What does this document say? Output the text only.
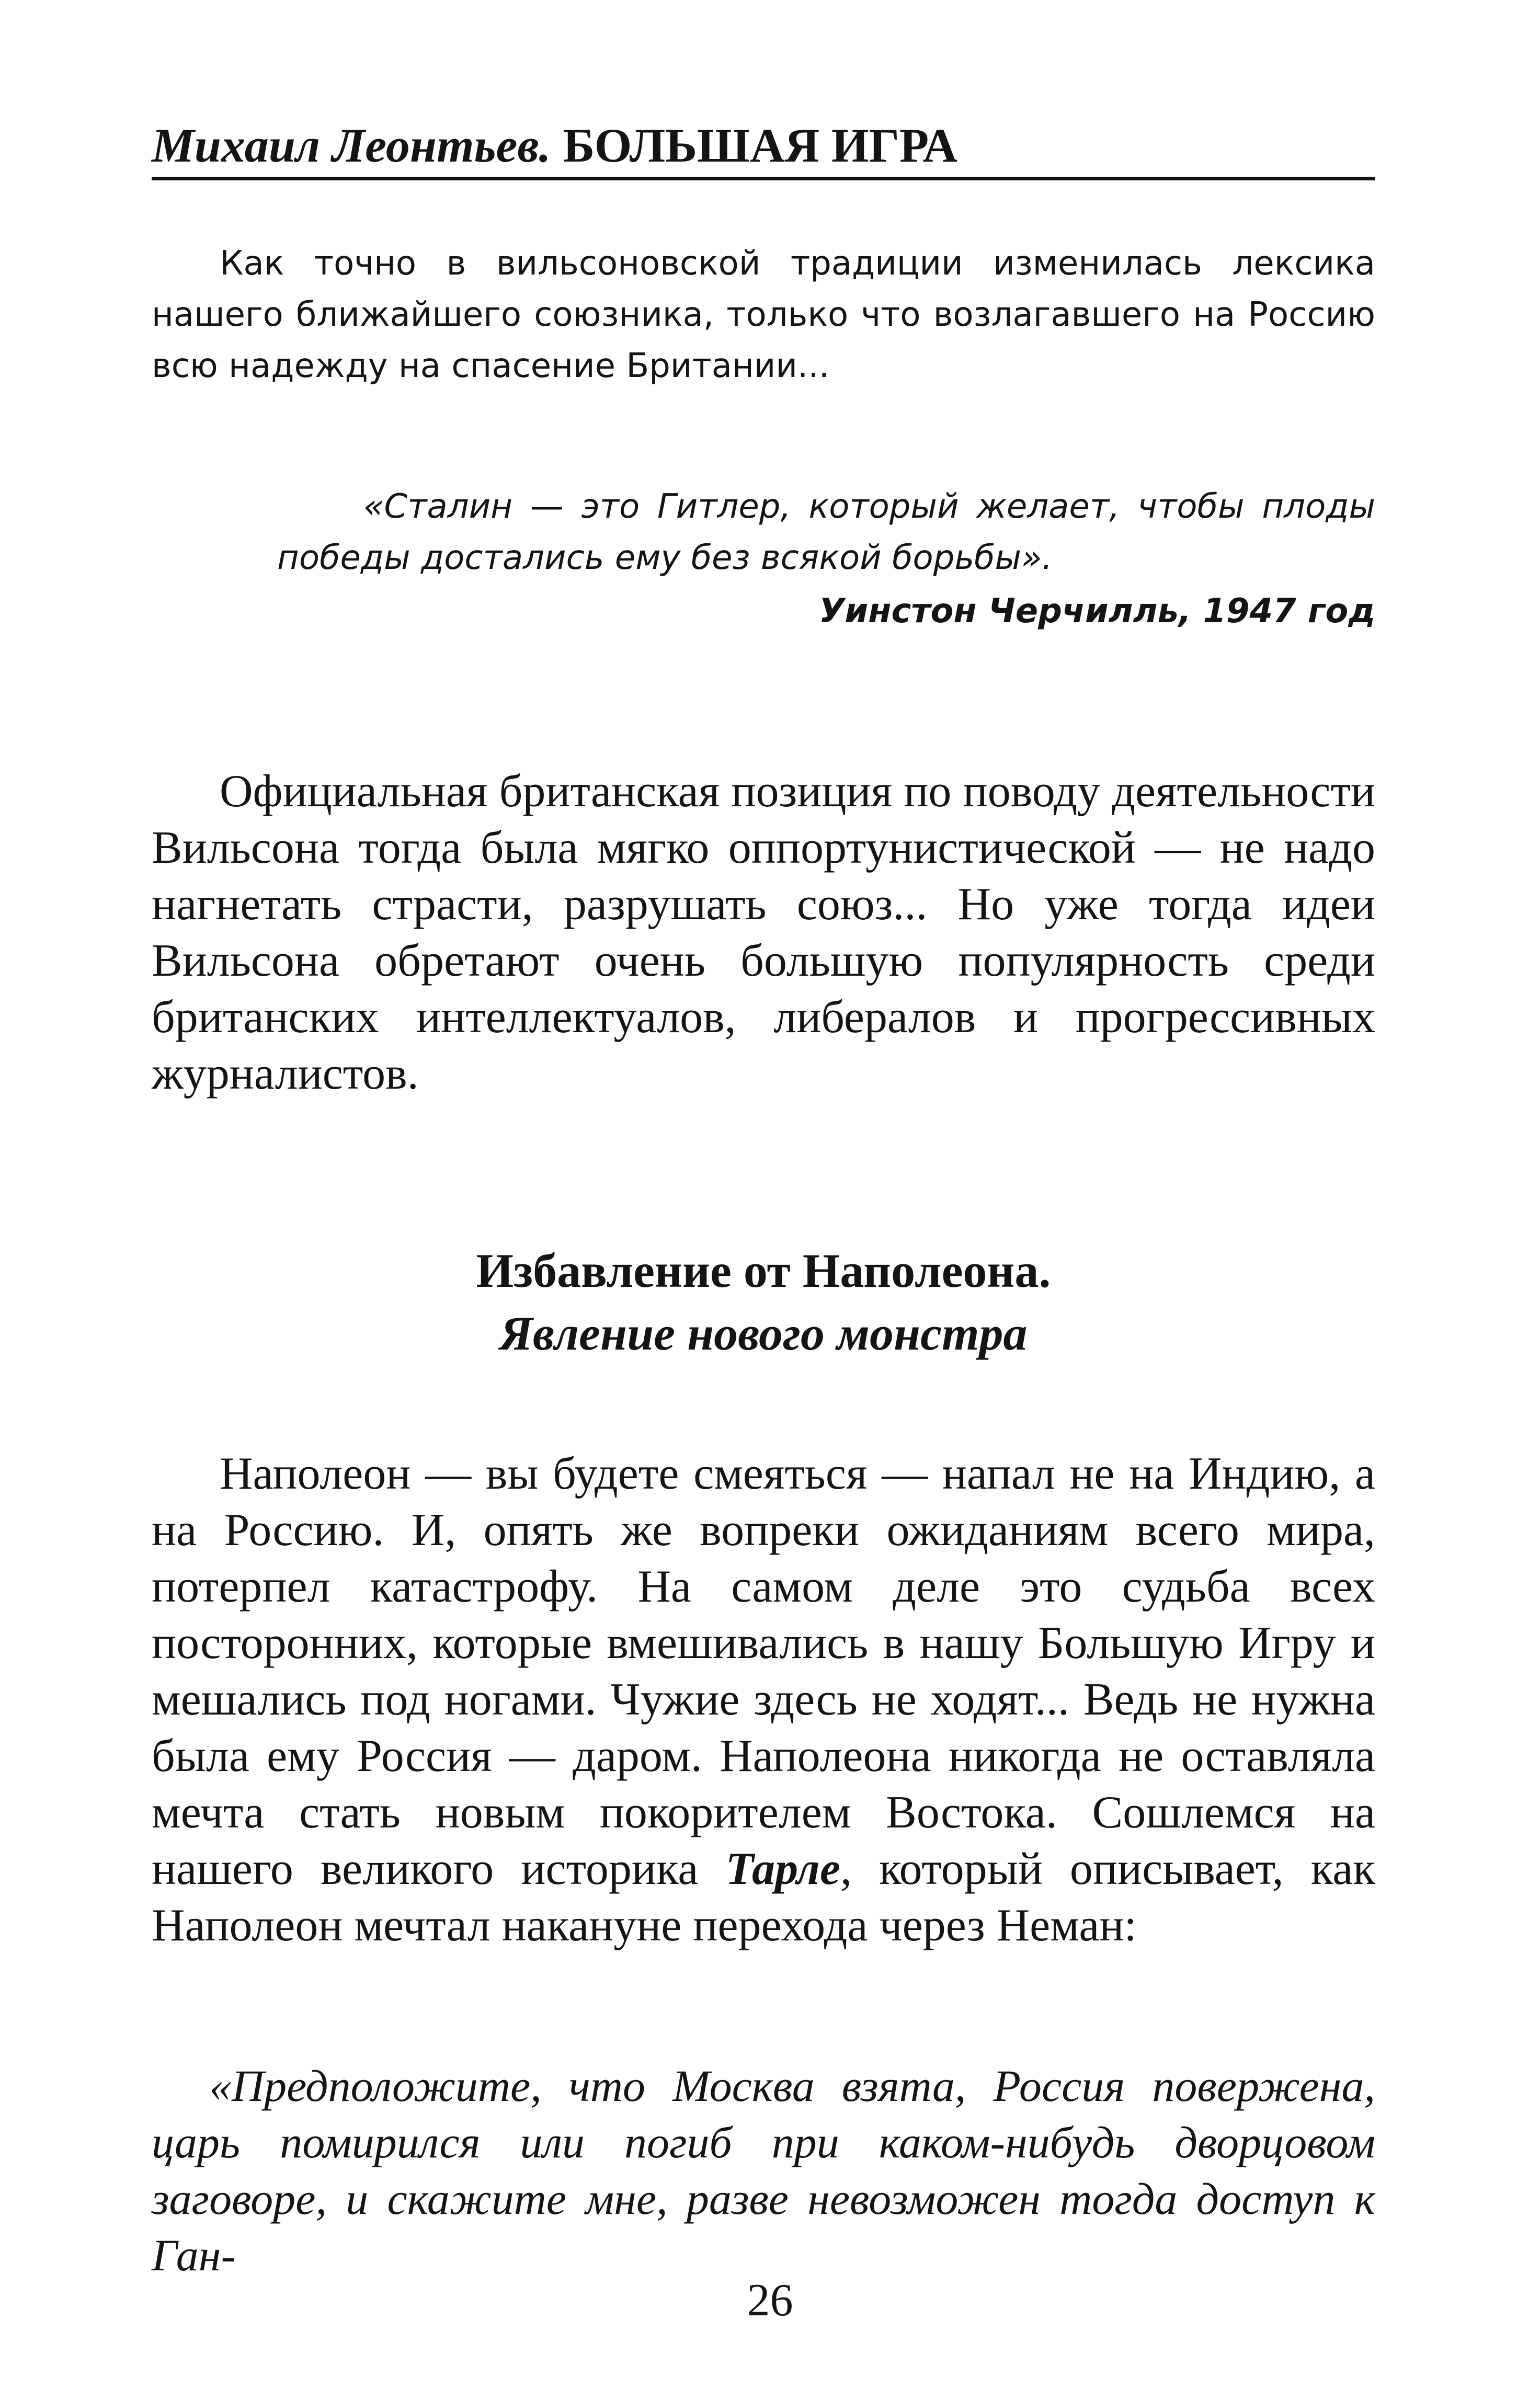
Михаил Леонтьев. БОЛЬШАЯ ИГРА
Как точно в вильсоновской традиции изменилась лексика нашего ближайшего союзника, только что возлагавшего на Россию всю надежду на спасение Британии...
«Сталин — это Гитлер, который желает, чтобы плоды победы достались ему без всякой борьбы».
Уинстон Черчилль, 1947 год
Официальная британская позиция по поводу деятельности Вильсона тогда была мягко оппортунистической — не надо нагнетать страсти, разрушать союз... Но уже тогда идеи Вильсона обретают очень большую популярность среди британских интеллектуалов, либералов и прогрессивных журналистов.
Избавление от Наполеона.
Явление нового монстра
Наполеон — вы будете смеяться — напал не на Индию, а на Россию. И, опять же вопреки ожиданиям всего мира, потерпел катастрофу. На самом деле это судьба всех посторонних, которые вмешивались в нашу Большую Игру и мешались под ногами. Чужие здесь не ходят... Ведь не нужна была ему Россия — даром. Наполеона никогда не оставляла мечта стать новым покорителем Востока. Сошлемся на нашего великого историка Тарле, который описывает, как Наполеон мечтал накануне перехода через Неман:
«Предположите, что Москва взята, Россия повержена, царь помирился или погиб при каком-нибудь дворцовом заговоре, и скажите мне, разве невозможен тогда доступ к Ган-
26
